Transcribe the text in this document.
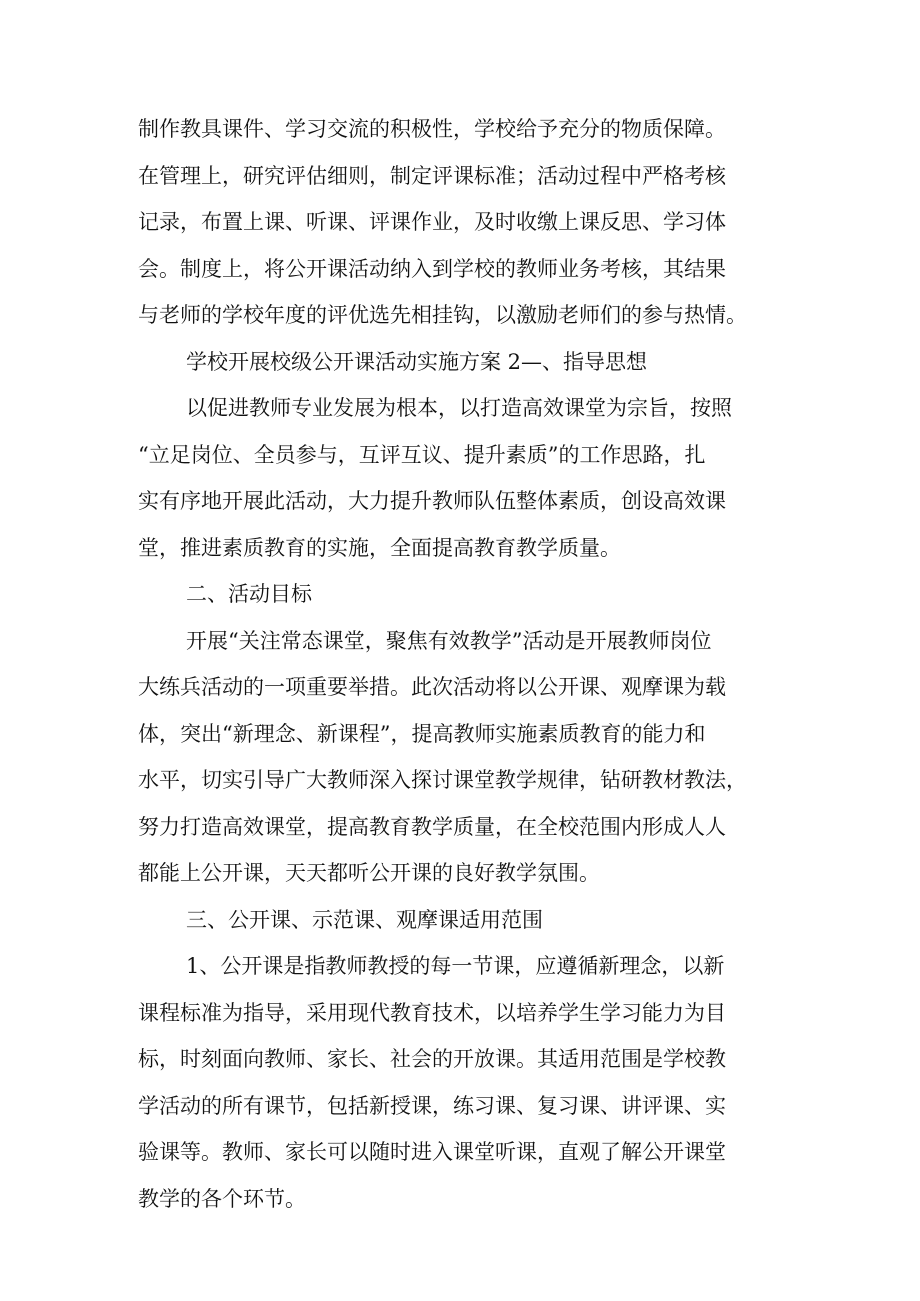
制作教具课件、学习交流的积极性，学校给予充分的物质保障。
在管理上，研究评估细则，制定评课标准；活动过程中严格考核
记录，布置上课、听课、评课作业，及时收缴上课反思、学习体
会。制度上，将公开课活动纳入到学校的教师业务考核，其结果
与老师的学校年度的评优选先相挂钩，以激励老师们的参与热情。
学校开展校级公开课活动实施方案 2—、指导思想
以促进教师专业发展为根本，以打造高效课堂为宗旨，按照
“立足岗位、全员参与，互评互议、提升素质”的工作思路，扎
实有序地开展此活动，大力提升教师队伍整体素质，创设高效课
堂，推进素质教育的实施，全面提高教育教学质量。
二、活动目标
开展“关注常态课堂，聚焦有效教学”活动是开展教师岗位
大练兵活动的一项重要举措。此次活动将以公开课、观摩课为载
体，突出“新理念、新课程”，提高教师实施素质教育的能力和
水平，切实引导广大教师深入探讨课堂教学规律，钻研教材教法，
努力打造高效课堂，提高教育教学质量，在全校范围内形成人人
都能上公开课，天天都听公开课的良好教学氛围。
三、公开课、示范课、观摩课适用范围
1、公开课是指教师教授的每一节课，应遵循新理念，以新
课程标准为指导，采用现代教育技术，以培养学生学习能力为目
标，时刻面向教师、家长、社会的开放课。其适用范围是学校教
学活动的所有课节，包括新授课，练习课、复习课、讲评课、实
验课等。教师、家长可以随时进入课堂听课，直观了解公开课堂
教学的各个环节。
